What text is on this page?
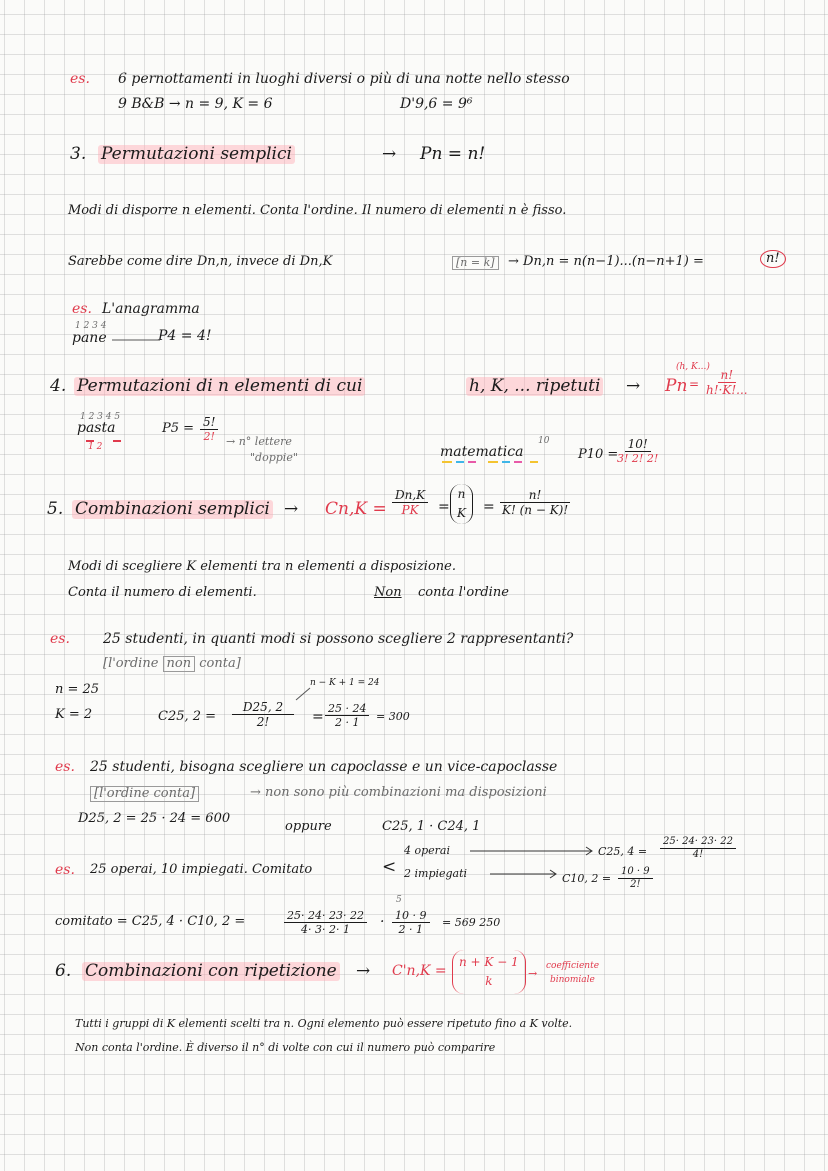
es. 6 pernottamenti in luoghi diversi o più di una notte nello stesso
9 B&B → n = 9, K = 6	D'9,6 = 9⁶
3. Permutazioni semplici	→ Pn = n!
Modi di disporre n elementi. Conta l'ordine. Il numero di elementi n è fisso.
Sarebbe come dire Dn,n, invece di Dn,K	[n = k]	→ Dn,n = n(n−1)...(n−n+1) =	n!
es. L'anagramma
1 2 3 4
pane	P4 = 4!
4. Permutazioni di n elementi di cui	h, K, ... ripetuti → Pn
(h, K...)
=
n!
h!·K!...
1 2 3 4 5
pasta
1 2
$P5 = \frac{5!}{2!} \to n^\circ$ lettere
"doppie"	matematica
10
P10 =
$\frac{10!}{3! 2! 2!}$
5. Combinazioni semplici → $Cn,K = \frac{Dn,K}{PK}$ =
n
$K = \frac{n!}{K! (n - K)!}$
Modi di scegliere K elementi tra n elementi a disposizione.
Conta il numero di elementi.	Non conta l'ordine
es. 25 studenti, in quanti modi si possono scegliere 2 rappresentanti?
[l'ordine non conta]
n = 25
K = 2	C25, $2 = \frac{D25, 2}{2!}$
n − K + 1 = 24
= $\frac{25 \cdot 24}{2 \cdot 1} = 300$
es. 25 studenti, bisogna scegliere un capoclasse e un vice-capoclasse
[l'ordine conta]	→ non sono più combinazioni ma disposizioni
D25, 2 = 25 · 24 = 600
oppure	C25, 1 · C24, 1
es. 25 operai, 10 impiegati. Comitato	<
4 operai
2 impiegati
C25, $4 = \frac{25\cdot 24\cdot 23\cdot 22}{4!}$
C10, $2 = \frac{10 \cdot 9}{2!}$
comitato = C25, 4 · C10, 2 =	$\frac{25\cdot 24\cdot 23\cdot 22}{4\cdot 3\cdot 2\cdot 1}$ ·
5
$\frac{10 \cdot 9}{2 \cdot 1} = 569$ 250
6. Combinazioni con ripetizione → C'n,K =
n + K − 1
k
→
coefficiente
binomiale
Tutti i gruppi di K elementi scelti tra n. Ogni elemento può essere ripetuto fino a K volte.
Non conta l'ordine. È diverso il n° di volte con cui il numero può comparire
